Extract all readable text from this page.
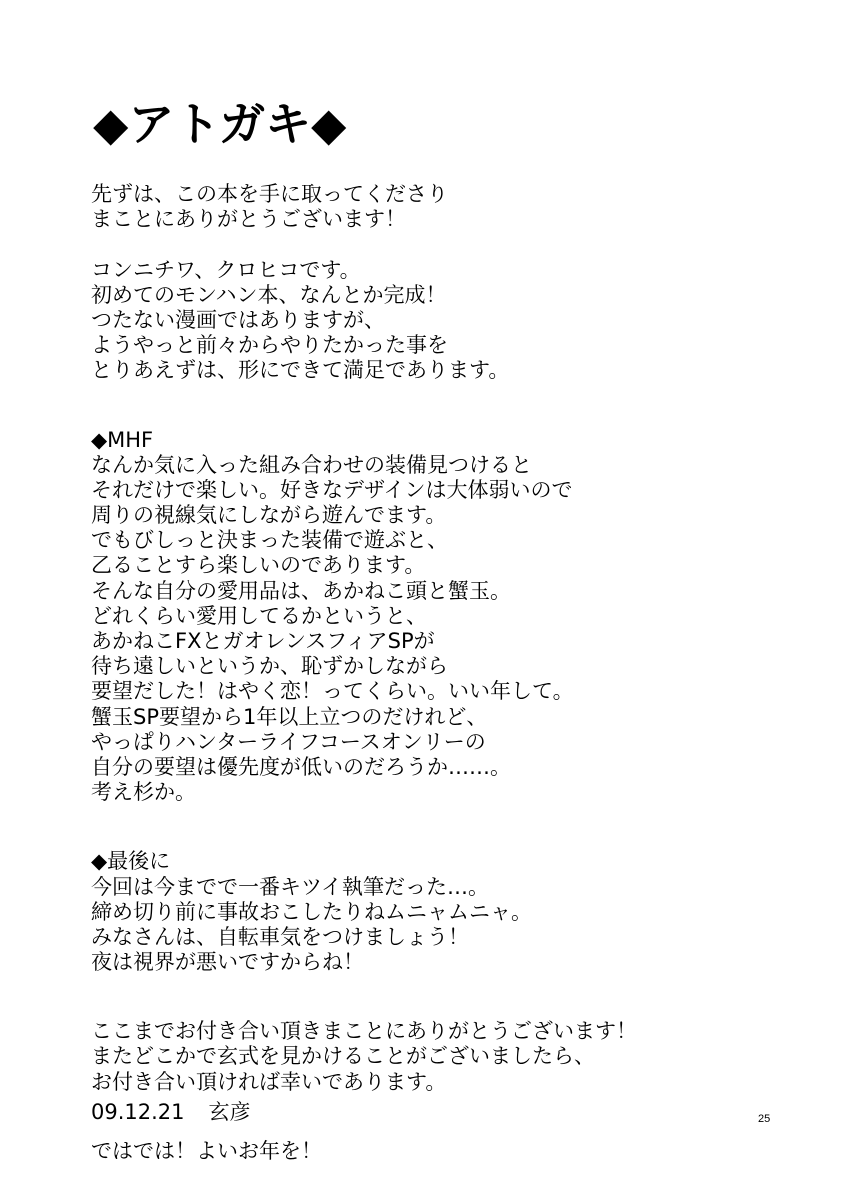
◆アトガキ◆
先ずは、この本を手に取ってくださり
まことにありがとうございます！
コンニチワ、クロヒコです。
初めてのモンハン本、なんとか完成！
つたない漫画ではありますが、
ようやっと前々からやりたかった事を
とりあえずは、形にできて満足であります。
◆MHF
なんか気に入った組み合わせの装備見つけると
それだけで楽しい。好きなデザインは大体弱いので
周りの視線気にしながら遊んでます。
でもびしっと決まった装備で遊ぶと、
乙ることすら楽しいのであります。
そんな自分の愛用品は、あかねこ頭と蟹玉。
どれくらい愛用してるかというと、
あかねこFXとガオレンスフィアSPが
待ち遠しいというか、恥ずかしながら
要望だした！はやく恋！ってくらい。いい年して。
蟹玉SP要望から1年以上立つのだけれど、
やっぱりハンターライフコースオンリーの
自分の要望は優先度が低いのだろうか……。
考え杉か。
◆最後に
今回は今までで一番キツイ執筆だった…。
締め切り前に事故おこしたりねムニャムニャ。
みなさんは、自転車気をつけましょう！
夜は視界が悪いですからね！
ここまでお付き合い頂きまことにありがとうございます！
またどこかで玄式を見かけることがございましたら、
お付き合い頂ければ幸いであります。
ではでは！よいお年を！
09.12.21 玄彦	25
